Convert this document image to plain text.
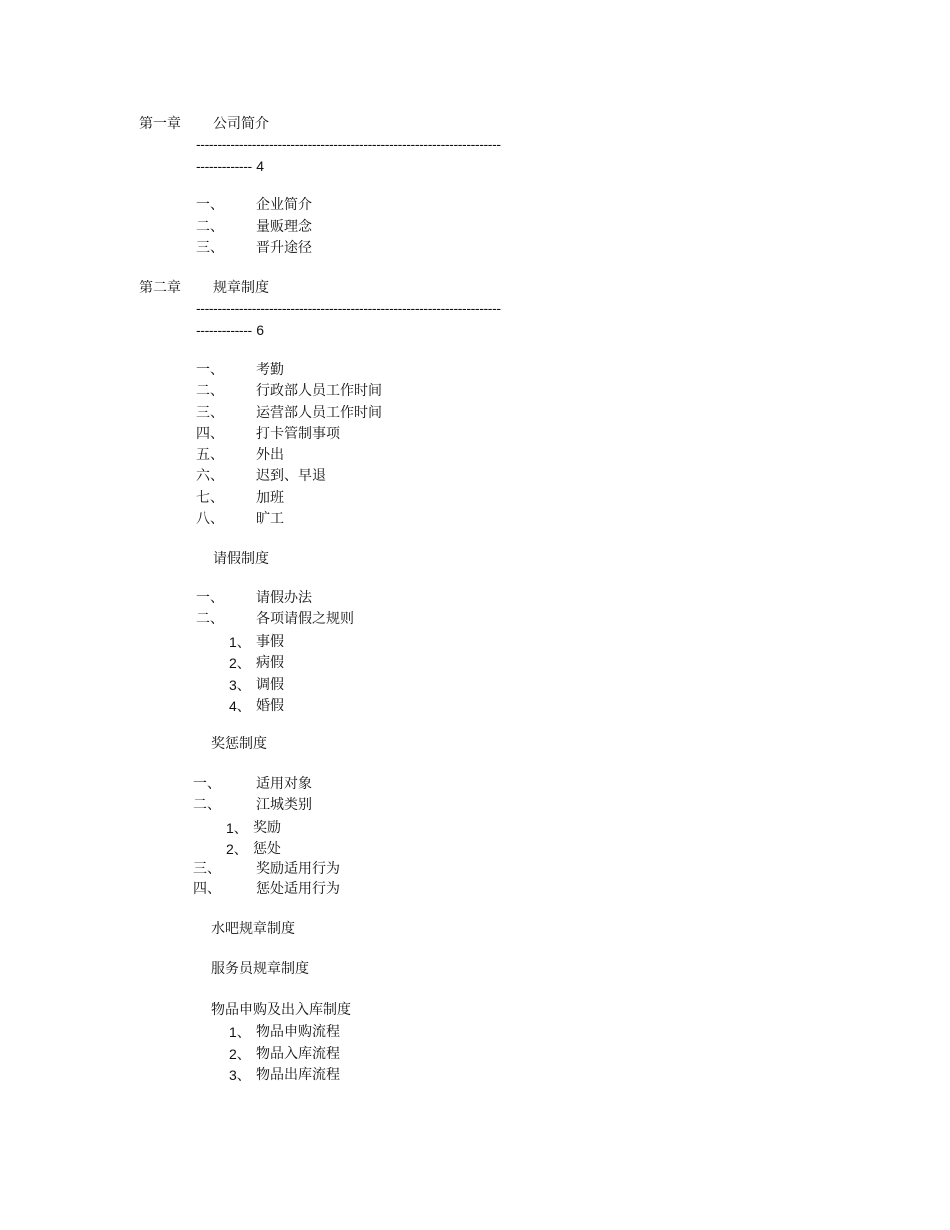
第一章 公司简介
-----------------------------------------------------------------------
------------- 4
一、 企业简介
二、 量贩理念
三、 晋升途径
第二章 规章制度
-----------------------------------------------------------------------
------------- 6
一、 考勤
二、 行政部人员工作时间
三、 运营部人员工作时间
四、 打卡管制事项
五、 外出
六、 迟到、早退
七、 加班
八、 旷工
请假制度
一、 请假办法
二、 各项请假之规则
1、 事假
2、 病假
3、 调假
4、 婚假
奖惩制度
一、	适用对象
二、	江城类别
1、 奖励
2、 惩处
三、	奖励适用行为
四、	惩处适用行为
水吧规章制度
服务员规章制度
物品申购及出入库制度
1、 物品申购流程
2、 物品入库流程
3、 物品出库流程
